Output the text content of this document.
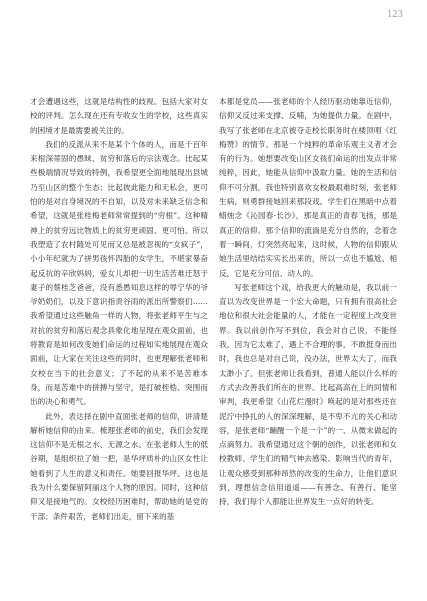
123

才会遭遇这些，这就是结构性的歧视。包括大家对女校的评判。怎么现在还有专收女生的学校，这些真实的困境才是最需要被关注的。

我们的反派从来不是某个个体的人，而是千百年来根深蒂固的愚昧、贫穷和落后的宗法观念。比起某些极端情况导致的特例，我希望更全面地展现出县城乃至山区的整个生态；比起彼此能力和无私会，更可怕的是对自身境况的不自知，以及对未来缺乏信念和希望，这就是张桂梅老师常常提到的“穷根”。这种精神上的贫穷远比物质上的贫穷更顽固、更可怕。所以我塑造了农村随处可见而又总是被忽视的“女疯子”，小小年纪就为了拼男孩怀四胎的女学生，不堪家暴奋起反抗的辛欣妈妈，爱女儿却把一切生活苦难迁怒于妻子的蔡桂芝爸爸，没有悉愚知息这样的辱宁华的爷爷奶奶们，以及下意识指责谷雨的派出所警察们……我希望通过这些触角一样的人物，将张老师平生与之对抗的贫穷和落后观念具象化地呈现在观众面前，也将教育是如何改变她们命运的过程如实地展现在观众面前，让大家在关注这些的同时，也更理解张老师和女校在当下的社会意义；了不起的从来不是苦难本身，而是苦难中的拼搏与坚守，是打破桎梏、突围而出的决心和勇气。

此外，表达择在剧中直面张老师的信仰，讲清楚解析她信仰的由来。梳理张老师的前史，我们会发现这信仰不是无根之水、无源之水。在张老师人生的低谷期，是组织拉了她一把，是华坪质朴的山区女性让她看到了人生的意义和责任。她要回报华坪。这也是我为什么要保留阿丽这个人物的原因。同时，这种信仰又是接地气的。女校经历困难时，帮助她的是党的干部；条件艰苦，老师们出走，留下来的基

本都是党员——张老师的个人经历驱动她靠近信仰，信仰又反过来支撑、反哺，为她提供力量。在剧中，我写了张老师在北京被夺走校长职务时在楼顶唱《红梅赞》的情节。那是一个纯粹的革命乐观主义者才会有的行为。她想要改变山区女孩们命运的出发点非常纯粹，因此，她能从信仰中汲取力量。她的生活和信仰不可分割。我也特别喜欢女校最艰难时刻，张老师生病，则勇群接她回来那段戏。学生们在黑暗中点着蜡烛念《沁园春·长沙》，那是真正的青春飞扬，那是真正的信仰。那个信仰的流淌是充分自然的，念着念着一瞬间，灯突然亮起来，这时候，人物的信仰跟从她生活里结结实实长出来的，所以一点也不尴尬、相反，它是充分可信、动人的。

写张老师这个戏，给我更大的触动是，我以前一直以为改变世界是一个宏大命题，只有拥有很高社会地位和很大社会能量的人，才能在一定程度上改变世界。我以前创作写不到位，我会对自己说，不能怪我，因为它太难了，遇上不合理的事，不敢挺身而出时，我也总是对自己说，没办法，世界太大了，而我太渺小了。但张老师让我看到，普通人能以什么样的方式去改善我们所在的世界。比起高高在上的同情和审判，我更希望《山花烂漫时》唤起的是对那些还在泥泞中挣扎的人的深深理解，是不卑不亢的关心和动容，是张老师“蹦醒一个是一个”的一、从微末做起的点滴努力。我希望通过这个朝的创作，以张老师和女校教师、学生们的精气神去感染、影响当代的青年，让观众感受到那种昂然的改变的生命力，让他们意识到，理想信念信用道遥——有善念、有善行、能坚持，我们每个人都能让世界发生一点好的转变。
